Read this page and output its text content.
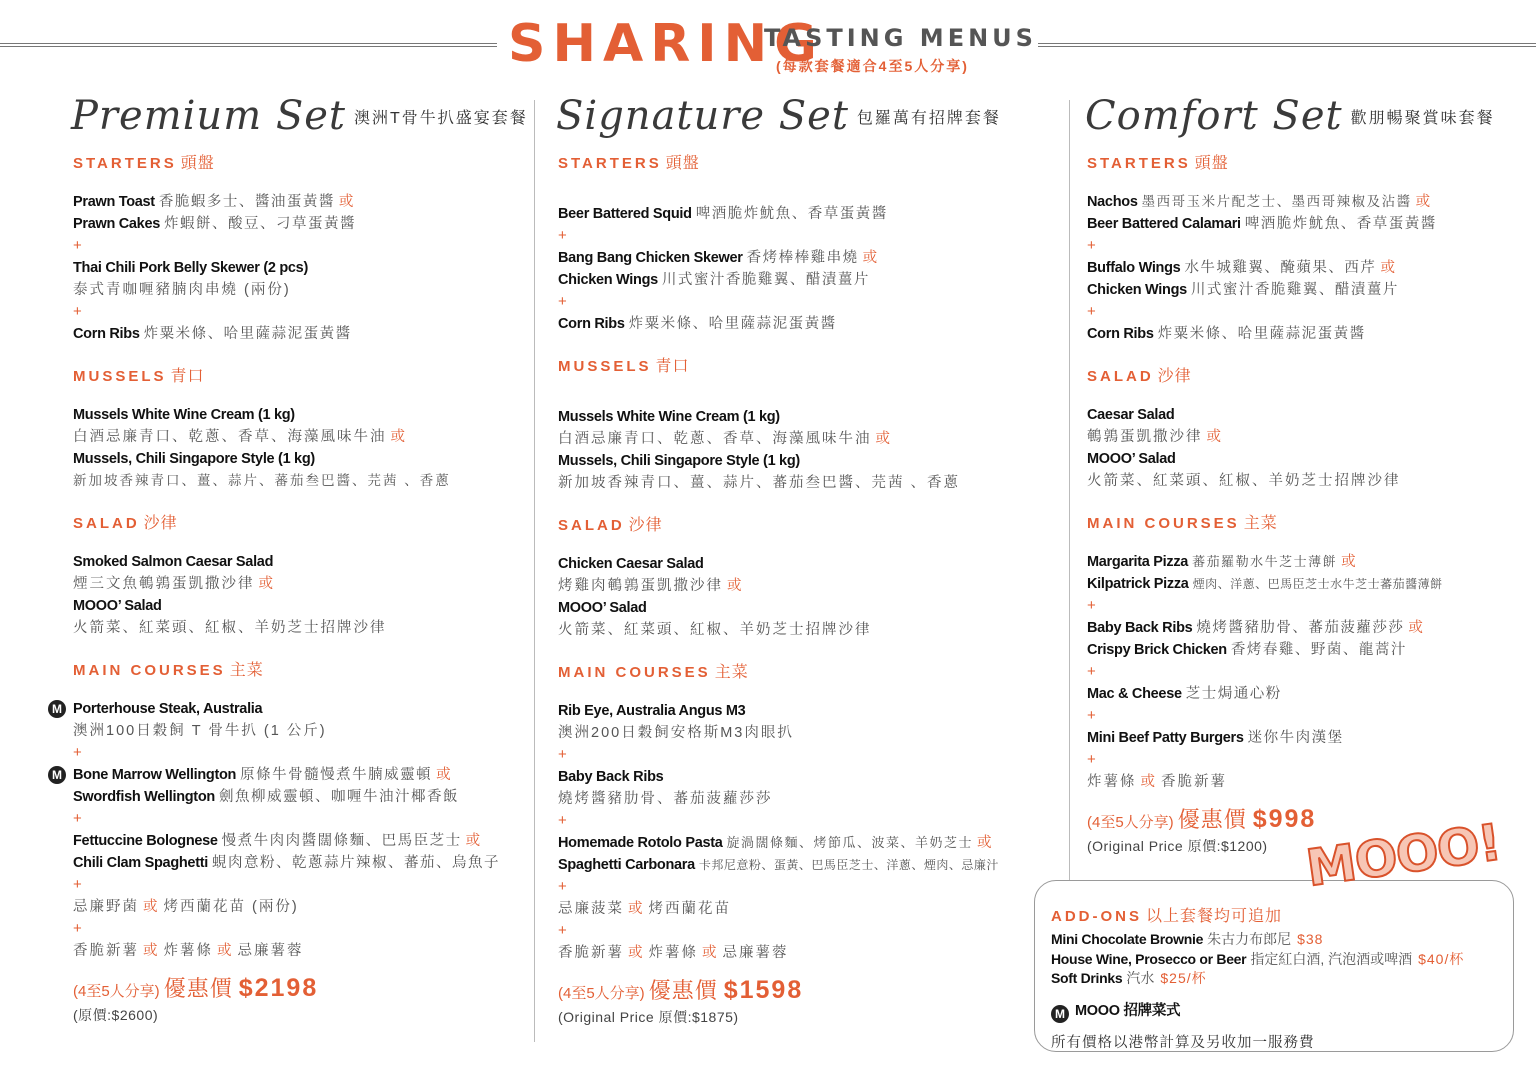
SHARING
TASTING MENUS
(每款套餐適合4至5人分享)
Premium Set 澳洲T骨牛扒盛宴套餐
STARTERS 頭盤
Prawn Toast 香脆蝦多士、醬油蛋黃醬 或
Prawn Cakes 炸蝦餅、酸豆、刁草蛋黃醬
+
Thai Chili Pork Belly Skewer (2 pcs)
泰式青咖喱豬腩肉串燒 (兩份)
+
Corn Ribs 炸粟米條、哈里薩蒜泥蛋黃醬
MUSSELS 青口
Mussels White Wine Cream (1 kg)
白酒忌廉青口、乾蔥、香草、海藻風味牛油 或
Mussels, Chili Singapore Style (1 kg)
新加坡香辣青口、薑、蒜片、蕃茄叁巴醬、芫茜 、香蔥
SALAD 沙律
Smoked Salmon Caesar Salad
煙三文魚鵪鶉蛋凱撒沙律 或
MOOO’ Salad
火箭菜、紅菜頭、紅椒、羊奶芝士招牌沙律
MAIN COURSES 主菜
M Porterhouse Steak, Australia
澳洲100日穀飼 T 骨牛扒 (1 公斤)
+
M Bone Marrow Wellington 原條牛骨髓慢煮牛腩威靈頓 或
Swordfish Wellington 劍魚柳威靈頓、咖喱牛油汁椰香飯
+
Fettuccine Bolognese 慢煮牛肉肉醬闊條麵、巴馬臣芝士 或
Chili Clam Spaghetti 蜆肉意粉、乾蔥蒜片辣椒、蕃茄、烏魚子
+
忌廉野菌 或 烤西蘭花苗 (兩份)
+
香脆新薯 或 炸薯條 或 忌廉薯蓉
(4至5人分享) 優惠價 $2198
(原價:$2600)
Signature Set 包羅萬有招牌套餐
STARTERS 頭盤
Beer Battered Squid 啤酒脆炸魷魚、香草蛋黃醬
+
Bang Bang Chicken Skewer 香烤棒棒雞串燒 或
Chicken Wings 川式蜜汁香脆雞翼、醋漬薑片
+
Corn Ribs 炸粟米條、哈里薩蒜泥蛋黃醬
MUSSELS 青口
Mussels White Wine Cream (1 kg)
白酒忌廉青口、乾蔥、香草、海藻風味牛油 或
Mussels, Chili Singapore Style (1 kg)
新加坡香辣青口、薑、蒜片、蕃茄叁巴醬、芫茜 、香蔥
SALAD 沙律
Chicken Caesar Salad
烤雞肉鵪鶉蛋凱撒沙律 或
MOOO’ Salad
火箭菜、紅菜頭、紅椒、羊奶芝士招牌沙律
MAIN COURSES 主菜
Rib Eye, Australia Angus M3
澳洲200日穀飼安格斯M3肉眼扒
+
Baby Back Ribs
燒烤醬豬肋骨、蕃茄菠蘿莎莎
+
Homemade Rotolo Pasta 旋渦闊條麵、烤節瓜、波菜、羊奶芝士 或
Spaghetti Carbonara 卡邦尼意粉、蛋黃、巴馬臣芝士、洋蔥、煙肉、忌廉汁
+
忌廉菠菜 或 烤西蘭花苗
+
香脆新薯 或 炸薯條 或 忌廉薯蓉
(4至5人分享) 優惠價 $1598
(Original Price 原價:$1875)
Comfort Set 歡朋暢聚賞味套餐
STARTERS 頭盤
Nachos 墨西哥玉米片配芝士、墨西哥辣椒及沾醬 或
Beer Battered Calamari 啤酒脆炸魷魚、香草蛋黃醬
+
Buffalo Wings 水牛城雞翼、醃蘋果、西芹 或
Chicken Wings 川式蜜汁香脆雞翼、醋漬薑片
+
Corn Ribs 炸粟米條、哈里薩蒜泥蛋黃醬
SALAD 沙律
Caesar Salad
鵪鶉蛋凱撒沙律 或
MOOO’ Salad
火箭菜、紅菜頭、紅椒、羊奶芝士招牌沙律
MAIN COURSES 主菜
Margarita Pizza 蕃茄羅勒水牛芝士薄餅 或
Kilpatrick Pizza 煙肉、洋蔥、巴馬臣芝士水牛芝士蕃茄醬薄餅
+
Baby Back Ribs 燒烤醬豬肋骨、蕃茄菠蘿莎莎 或
Crispy Brick Chicken 香烤春雞、野菌、龍蒿汁
+
Mac & Cheese 芝士焗通心粉
+
Mini Beef Patty Burgers 迷你牛肉漢堡
+
炸薯條 或 香脆新薯
(4至5人分享) 優惠價 $998
(Original Price 原價:$1200)
ADD-ONS 以上套餐均可追加
Mini Chocolate Brownie 朱古力布郎尼 $38
House Wine, Prosecco or Beer 指定紅白酒, 汽泡酒或啤酒 $40/杯
Soft Drinks 汽水 $25/杯
M MOOO 招牌菜式
所有價格以港幣計算及另收加一服務費
MOOO!
